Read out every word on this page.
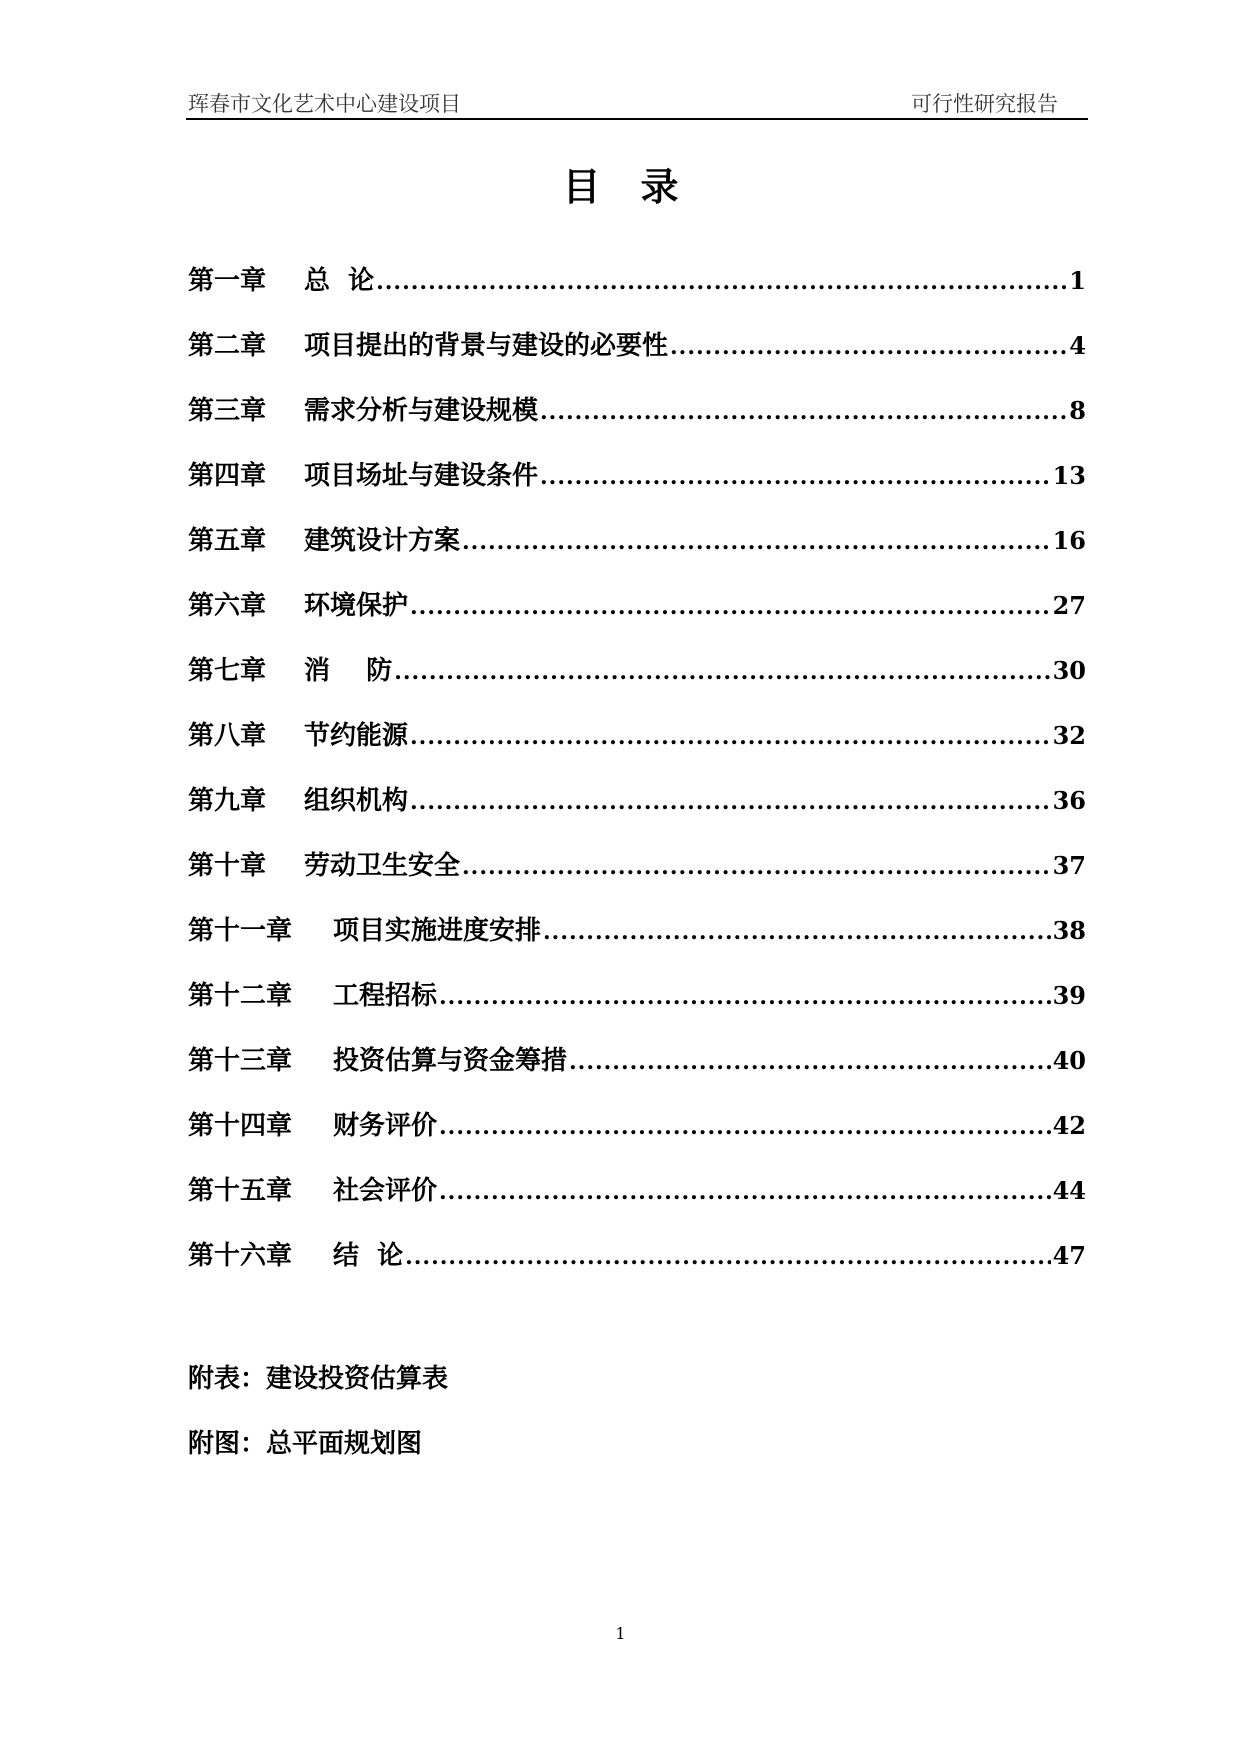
珲春市文化艺术中心建设项目	可行性研究报告
目录
第一章	总  论 .....	1
第二章	项目提出的背景与建设的必要性 .....	4
第三章	需求分析与建设规模 .....	8
第四章	项目场址与建设条件 .....	13
第五章	建筑设计方案 .....	16
第六章	环境保护 .....	27
第七章	消    防 .....	30
第八章	节约能源 .....	32
第九章	组织机构 .....	36
第十章	劳动卫生安全 .....	37
第十一章	项目实施进度安排 .....	38
第十二章	工程招标 .....	39
第十三章	投资估算与资金筹措 .....	40
第十四章	财务评价 .....	42
第十五章	社会评价 .....	44
第十六章	结  论 .....	47
附表：建设投资估算表
附图：总平面规划图
1
